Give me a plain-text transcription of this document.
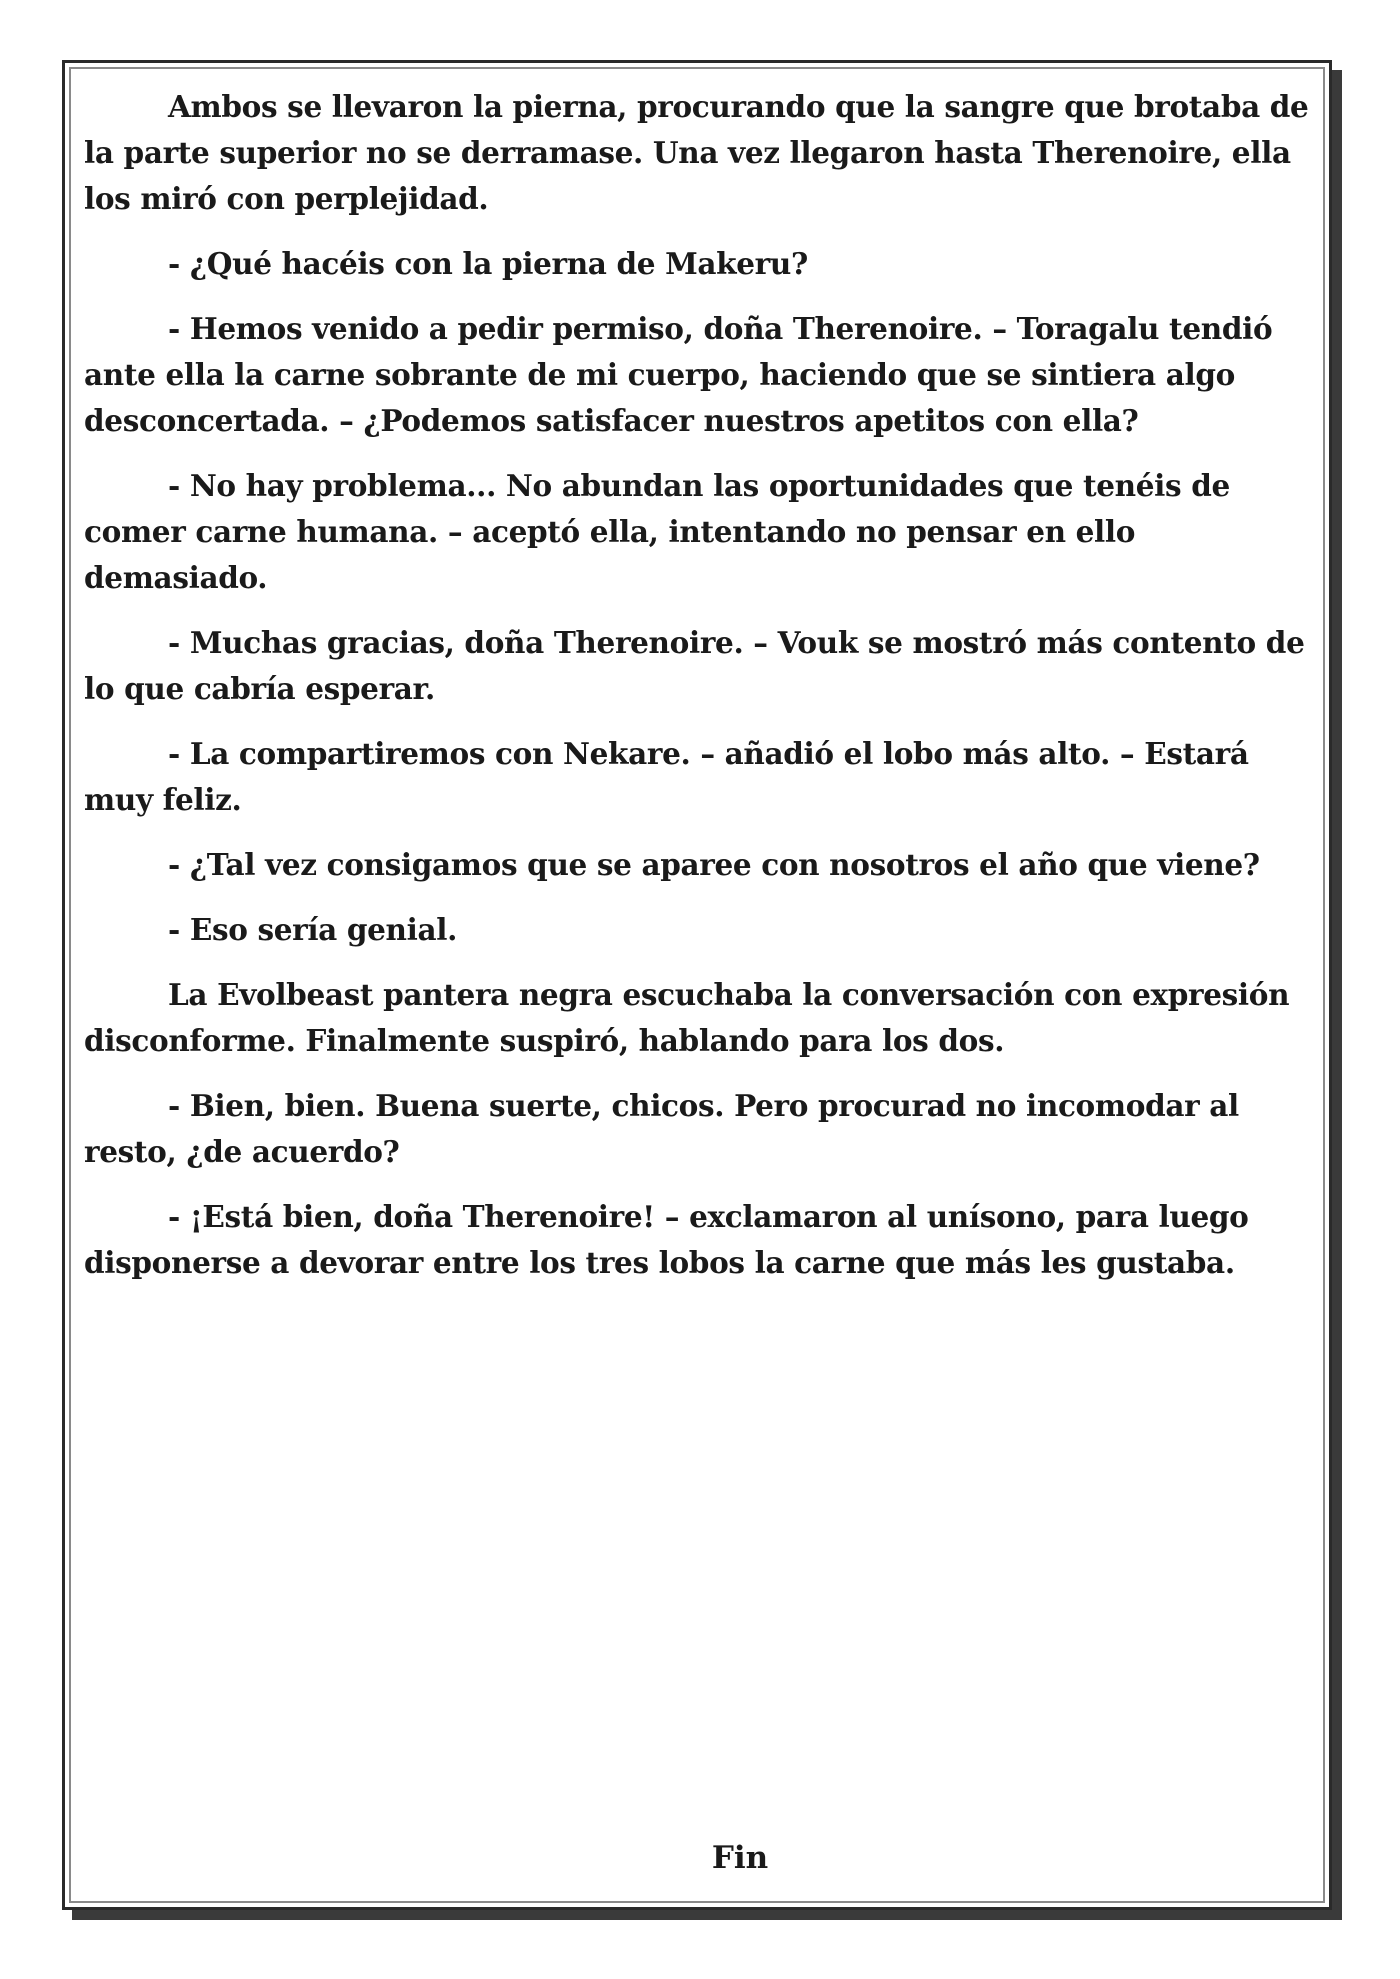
Ambos se llevaron la pierna, procurando que la sangre que brotaba de la parte superior no se derramase. Una vez llegaron hasta Therenoire, ella los miró con perplejidad.

- ¿Qué hacéis con la pierna de Makeru?

- Hemos venido a pedir permiso, doña Therenoire. – Toragalu tendió ante ella la carne sobrante de mi cuerpo, haciendo que se sintiera algo desconcertada. – ¿Podemos satisfacer nuestros apetitos con ella?

- No hay problema... No abundan las oportunidades que tenéis de comer carne humana. – aceptó ella, intentando no pensar en ello demasiado.

- Muchas gracias, doña Therenoire. – Vouk se mostró más contento de lo que cabría esperar.

- La compartiremos con Nekare. – añadió el lobo más alto. – Estará muy feliz.

- ¿Tal vez consigamos que se aparee con nosotros el año que viene?

- Eso sería genial.

La Evolbeast pantera negra escuchaba la conversación con expresión disconforme. Finalmente suspiró, hablando para los dos.

- Bien, bien. Buena suerte, chicos. Pero procurad no incomodar al resto, ¿de acuerdo?

- ¡Está bien, doña Therenoire! – exclamaron al unísono, para luego disponerse a devorar entre los tres lobos la carne que más les gustaba.

Fin
